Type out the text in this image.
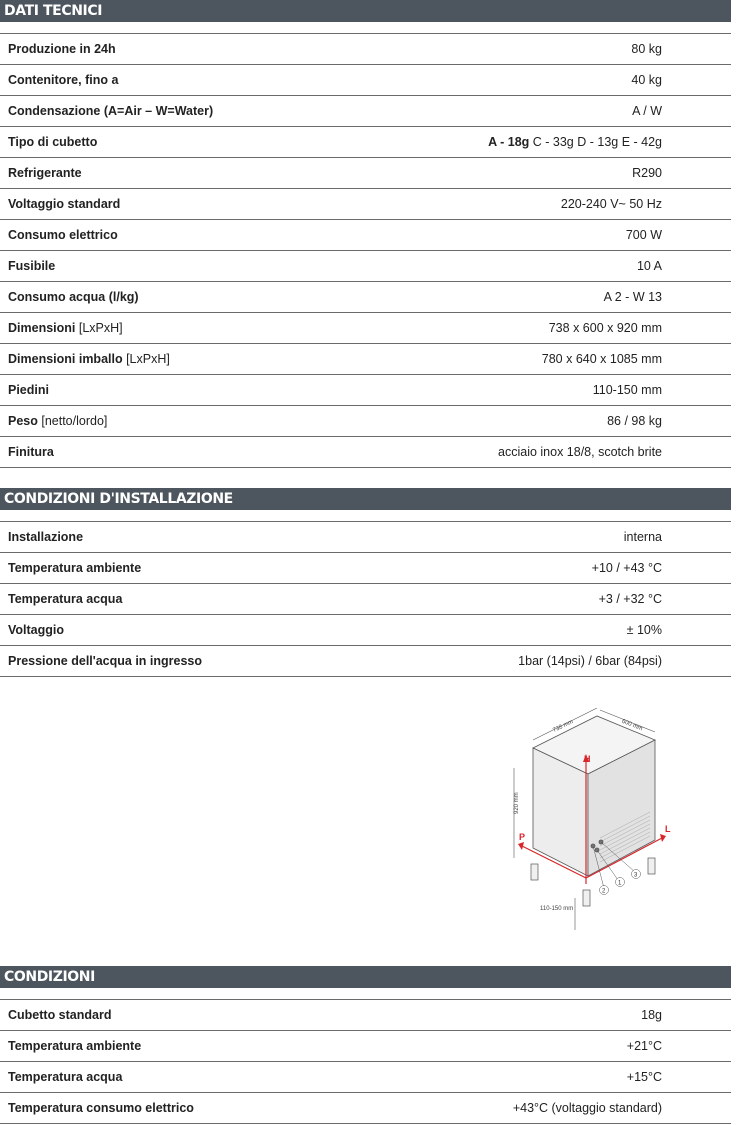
DATI TECNICI
Produzione in 24h	80 kg
Contenitore, fino a	40 kg
Condensazione (A=Air – W=Water)	A / W
Tipo di cubetto	A - 18g C - 33g D - 13g E - 42g
Refrigerante	R290
Voltaggio standard	220-240 V~ 50 Hz
Consumo elettrico	700 W
Fusibile	10 A
Consumo acqua (l/kg)	A 2 - W 13
Dimensioni [LxPxH]	738 x 600 x 920 mm
Dimensioni imballo [LxPxH]	780 x 640 x 1085 mm
Piedini	110-150 mm
Peso [netto/lordo]	86 / 98 kg
Finitura	acciaio inox 18/8, scotch brite
CONDIZIONI D'INSTALLAZIONE
Installazione	interna
Temperatura ambiente	+10 / +43 °C
Temperatura acqua	+3 / +32 °C
Voltaggio	± 10%
Pressione dell'acqua in ingresso	1bar (14psi) / 6bar (84psi)
738 mm	600 mm
920 mm
110-150 mm
H
P
L
2
1
3
CONDIZIONI
Cubetto standard	18g
Temperatura ambiente	+21°C
Temperatura acqua	+15°C
Temperatura consumo elettrico	+43°C (voltaggio standard)
